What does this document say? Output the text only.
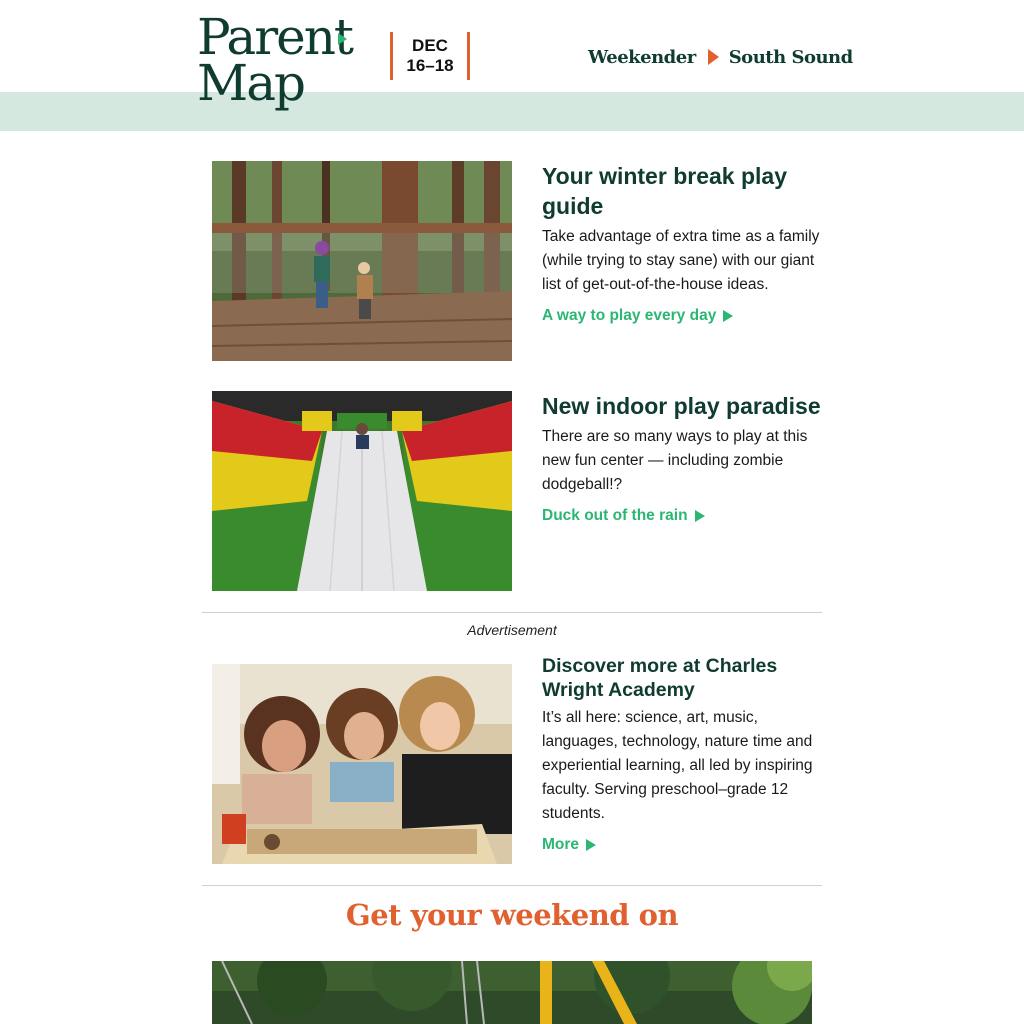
Parent
Map
DEC
16–18	Weekender South Sound
Your winter break play guide
Take advantage of extra time as a family (while trying to stay sane) with our giant list of get-out-of-the-house ideas.
A way to play every day
New indoor play paradise
There are so many ways to play at this new fun center — including zombie dodgeball!?
Duck out of the rain
Advertisement
Discover more at Charles Wright Academy
It’s all here: science, art, music, languages, technology, nature time and experiential learning, all led by inspiring faculty. Serving preschool–grade 12 students.
More
Get your weekend on
